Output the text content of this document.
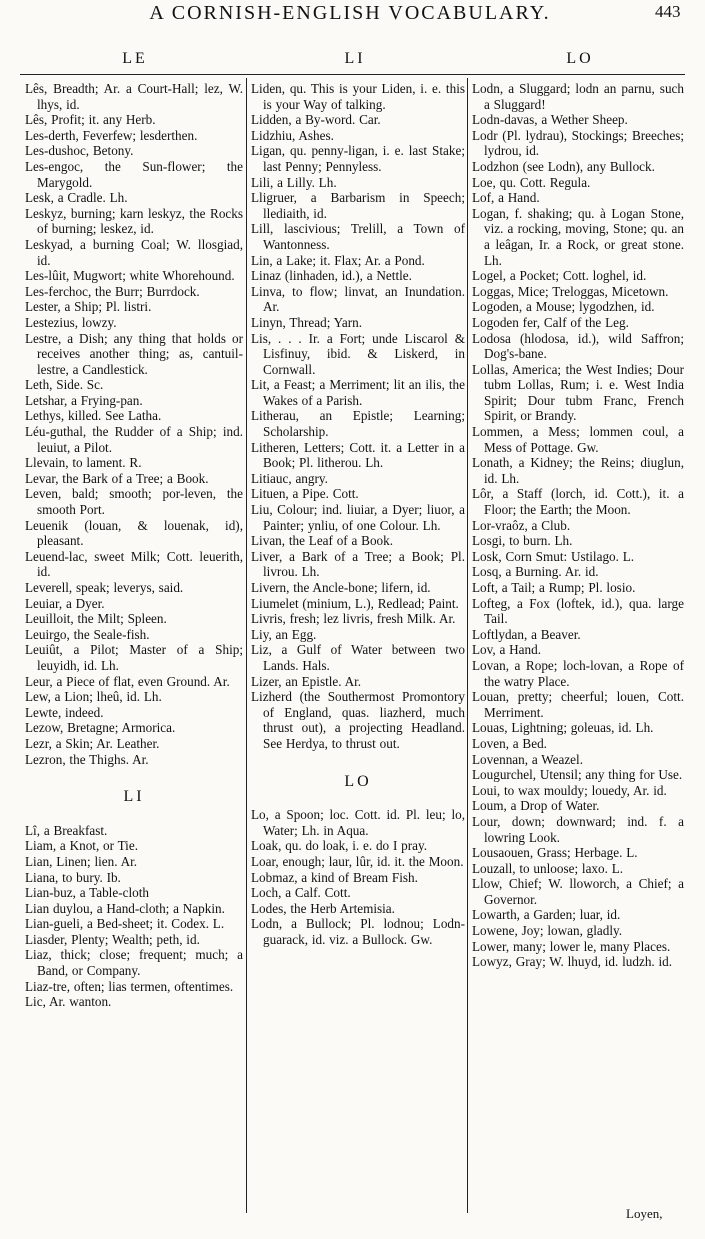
A CORNISH-ENGLISH VOCABULARY.	443
LE	LI	LO

Lês, Breadth; Ar. a Court-Hall; lez, W. lhys, id.

Lês, Profit; it. any Herb.

Les-derth, Feverfew; lesderthen.

Les-dushoc, Betony.

Les-engoc, the Sun-flower; the Marygold.

Lesk, a Cradle. Lh.

Leskyz, burning; karn leskyz, the Rocks of burning; leskez, id.

Leskyad, a burning Coal; W. llosgiad, id.

Les-lûit, Mugwort; white Whorehound.

Les-ferchoc, the Burr; Burrdock.

Lester, a Ship; Pl. listri.

Lestezius, lowzy.

Lestre, a Dish; any thing that holds or receives another thing; as, cantuil-lestre, a Candlestick.

Leth, Side. Sc.

Letshar, a Frying-pan.

Lethys, killed. See Latha.

Léu-guthal, the Rudder of a Ship; ind. leuiut, a Pilot.

Llevain, to lament. R.

Levar, the Bark of a Tree; a Book.

Leven, bald; smooth; por-leven, the smooth Port.

Leuenik (louan, & louenak, id), pleasant.

Leuend-lac, sweet Milk; Cott. leuerith, id.

Leverell, speak; leverys, said.

Leuiar, a Dyer.

Leuilloit, the Milt; Spleen.

Leuirgo, the Seale-fish.

Leuiût, a Pilot; Master of a Ship; leuyidh, id. Lh.

Leur, a Piece of flat, even Ground. Ar.

Lew, a Lion; lheû, id. Lh.

Lewte, indeed.

Lezow, Bretagne; Armorica.

Lezr, a Skin; Ar. Leather.

Lezron, the Thighs. Ar.

LI

Lî, a Breakfast.

Liam, a Knot, or Tie.

Lian, Linen; lien. Ar.

Liana, to bury. Ib.

Lian-buz, a Table-cloth

Lian duylou, a Hand-cloth; a Napkin.

Lian-gueli, a Bed-sheet; it. Codex. L.

Liasder, Plenty; Wealth; peth, id.

Liaz, thick; close; frequent; much; a Band, or Company.

Liaz-tre, often; lias termen, oftentimes.

Lic, Ar. wanton.

Liden, qu. This is your Liden, i. e. this is your Way of talking.

Lidden, a By-word. Car.

Lidzhiu, Ashes.

Ligan, qu. penny-ligan, i. e. last Stake; last Penny; Pennyless.

Lili, a Lilly. Lh.

Lligruer, a Barbarism in Speech; llediaith, id.

Lill, lascivious; Trelill, a Town of Wantonness.

Lin, a Lake; it. Flax; Ar. a Pond.

Linaz (linhaden, id.), a Nettle.

Linva, to flow; linvat, an Inundation. Ar.

Linyn, Thread; Yarn.

Lis, . . . Ir. a Fort; unde Liscarol & Lisfinuy, ibid. & Liskerd, in Cornwall.

Lit, a Feast; a Merriment; lit an ilis, the Wakes of a Parish.

Litherau, an Epistle; Learning; Scholarship.

Litheren, Letters; Cott. it. a Letter in a Book; Pl. litherou. Lh.

Litiauc, angry.

Lituen, a Pipe. Cott.

Liu, Colour; ind. liuiar, a Dyer; liuor, a Painter; ynliu, of one Colour. Lh.

Livan, the Leaf of a Book.

Liver, a Bark of a Tree; a Book; Pl. livrou. Lh.

Livern, the Ancle-bone; lifern, id.

Liumelet (minium, L.), Redlead; Paint.

Livris, fresh; lez livris, fresh Milk. Ar.

Liy, an Egg.

Liz, a Gulf of Water between two Lands. Hals.

Lizer, an Epistle. Ar.

Lizherd (the Southermost Promontory of England, quas. liazherd, much thrust out), a projecting Headland. See Herdya, to thrust out.

LO

Lo, a Spoon; loc. Cott. id. Pl. leu; lo, Water; Lh. in Aqua.

Loak, qu. do loak, i. e. do I pray.

Loar, enough; laur, lûr, id. it. the Moon.

Lobmaz, a kind of Bream Fish.

Loch, a Calf. Cott.

Lodes, the Herb Artemisia.

Lodn, a Bullock; Pl. lodnou; Lodn-guarack, id. viz. a Bullock. Gw.

Lodn, a Sluggard; lodn an parnu, such a Sluggard!

Lodn-davas, a Wether Sheep.

Lodr (Pl. lydrau), Stockings; Breeches; lydrou, id.

Lodzhon (see Lodn), any Bullock.

Loe, qu. Cott. Regula.

Lof, a Hand.

Logan, f. shaking; qu. à Logan Stone, viz. a rocking, moving, Stone; qu. an a leâgan, Ir. a Rock, or great stone. Lh.

Logel, a Pocket; Cott. loghel, id.

Loggas, Mice; Treloggas, Micetown.

Logoden, a Mouse; lygodzhen, id.

Logoden fer, Calf of the Leg.

Lodosa (hlodosa, id.), wild Saffron; Dog's-bane.

Lollas, America; the West Indies; Dour tubm Lollas, Rum; i. e. West India Spirit; Dour tubm Franc, French Spirit, or Brandy.

Lommen, a Mess; lommen coul, a Mess of Pottage. Gw.

Lonath, a Kidney; the Reins; diuglun, id. Lh.

Lôr, a Staff (lorch, id. Cott.), it. a Floor; the Earth; the Moon.

Lor-vraôz, a Club.

Losgi, to burn. Lh.

Losk, Corn Smut: Ustilago. L.

Losq, a Burning. Ar. id.

Loft, a Tail; a Rump; Pl. losio.

Lofteg, a Fox (loftek, id.), qua. large Tail.

Loftlydan, a Beaver.

Lov, a Hand.

Lovan, a Rope; loch-lovan, a Rope of the watry Place.

Louan, pretty; cheerful; louen, Cott. Merriment.

Louas, Lightning; goleuas, id. Lh.

Loven, a Bed.

Lovennan, a Weazel.

Lougurchel, Utensil; any thing for Use.

Loui, to wax mouldy; louedy, Ar. id.

Loum, a Drop of Water.

Lour, down; downward; ind. f. a lowring Look.

Lousaouen, Grass; Herbage. L.

Louzall, to unloose; laxo. L.

Llow, Chief; W. lloworch, a Chief; a Governor.

Lowarth, a Garden; luar, id.

Lowene, Joy; lowan, gladly.

Lower, many; lower le, many Places.

Lowyz, Gray; W. lhuyd, id. ludzh. id.

Loyen,
